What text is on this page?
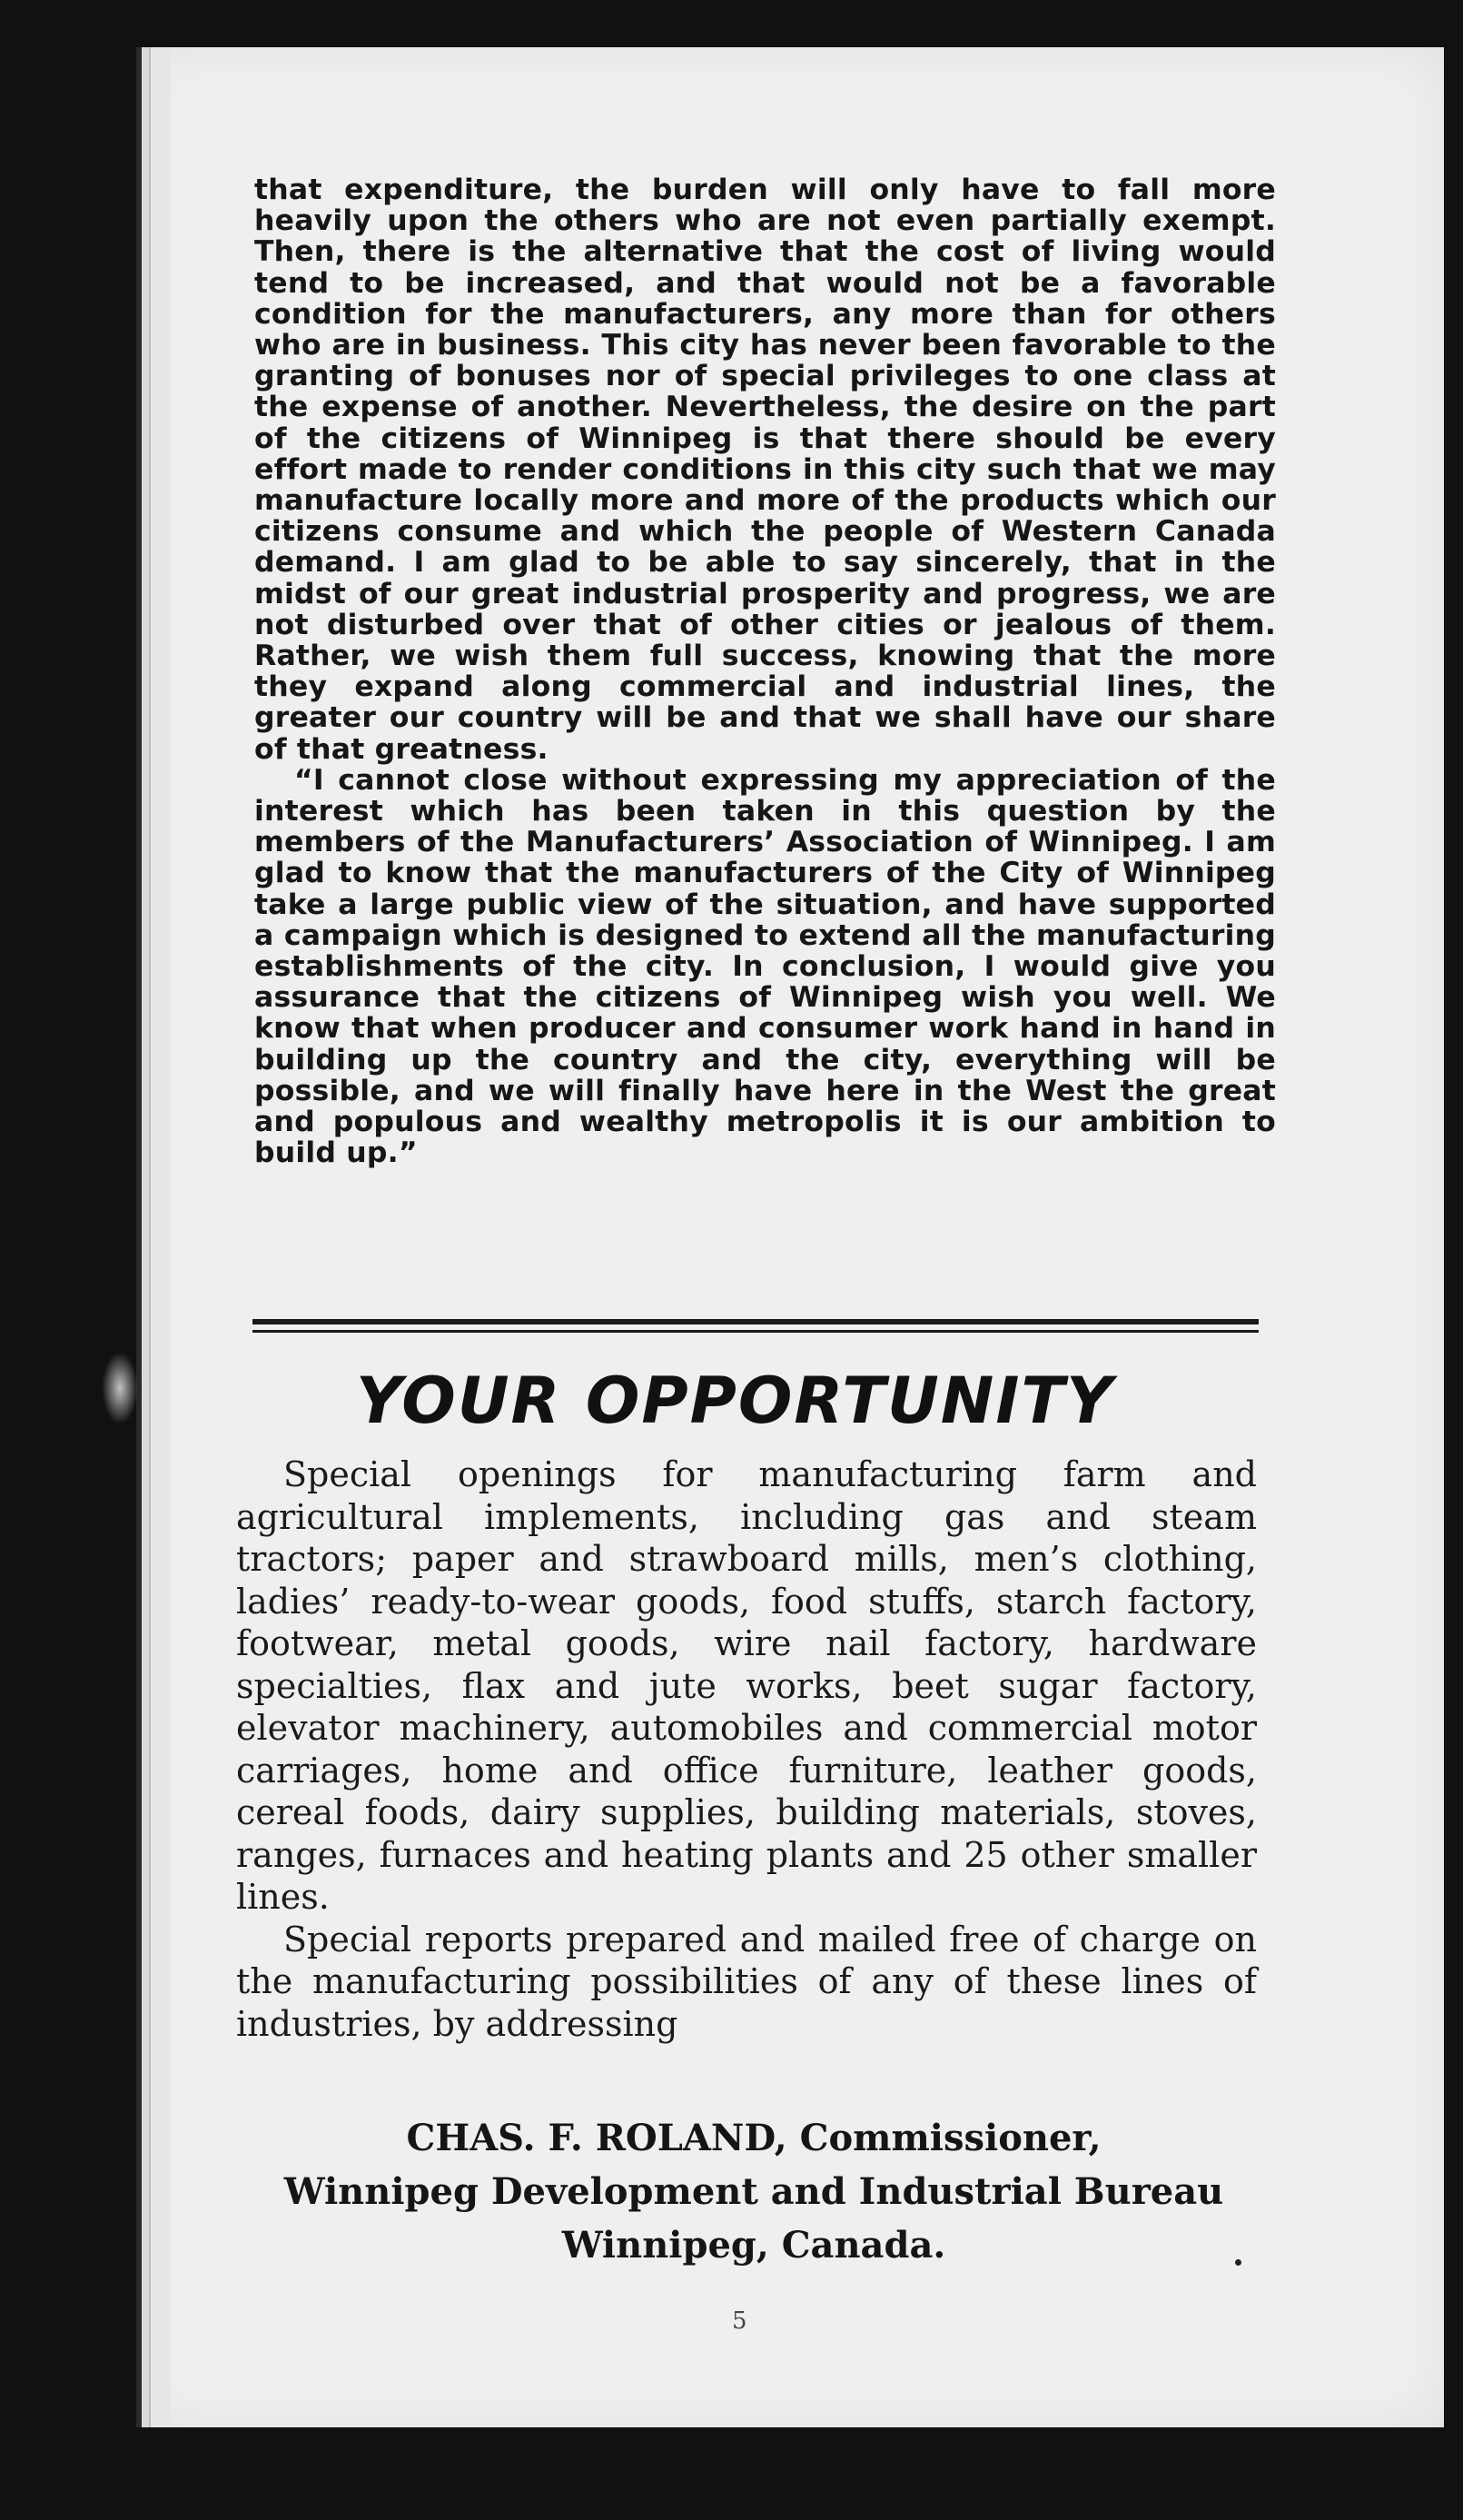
that expenditure, the burden will only have to fall more heavily upon the others who are not even partially exempt. Then, there is the alternative that the cost of living would tend to be increased, and that would not be a favorable condition for the manufacturers, any more than for others who are in business. This city has never been favorable to the granting of bonuses nor of special privileges to one class at the expense of another. Nevertheless, the desire on the part of the citizens of Winnipeg is that there should be every effort made to render conditions in this city such that we may manufacture locally more and more of the products which our citizens consume and which the people of Western Canada demand. I am glad to be able to say sincerely, that in the midst of our great industrial prosperity and progress, we are not disturbed over that of other cities or jealous of them. Rather, we wish them full success, knowing that the more they expand along commercial and industrial lines, the greater our country will be and that we shall have our share of that greatness.

“I cannot close without expressing my appreciation of the interest which has been taken in this question by the members of the Manufacturers’ Association of Winnipeg. I am glad to know that the manufacturers of the City of Winnipeg take a large public view of the situation, and have supported a campaign which is designed to extend all the manufacturing establishments of the city. In conclusion, I would give you assurance that the citizens of Winnipeg wish you well. We know that when producer and consumer work hand in hand in building up the country and the city, everything will be possible, and we will finally have here in the West the great and populous and wealthy metropolis it is our ambition to build up.”

YOUR OPPORTUNITY

Special openings for manufacturing farm and agricultural implements, including gas and steam tractors; paper and strawboard mills, men’s clothing, ladies’ ready-to-wear goods, food stuffs, starch factory, footwear, metal goods, wire nail factory, hardware specialties, flax and jute works, beet sugar factory, elevator machinery, automobiles and commercial motor carriages, home and office furniture, leather goods, cereal foods, dairy supplies, building materials, stoves, ranges, furnaces and heating plants and 25 other smaller lines.

Special reports prepared and mailed free of charge on the manufacturing possibilities of any of these lines of industries, by addressing

CHAS. F. ROLAND, Commissioner,
Winnipeg Development and Industrial Bureau
Winnipeg, Canada.
5
